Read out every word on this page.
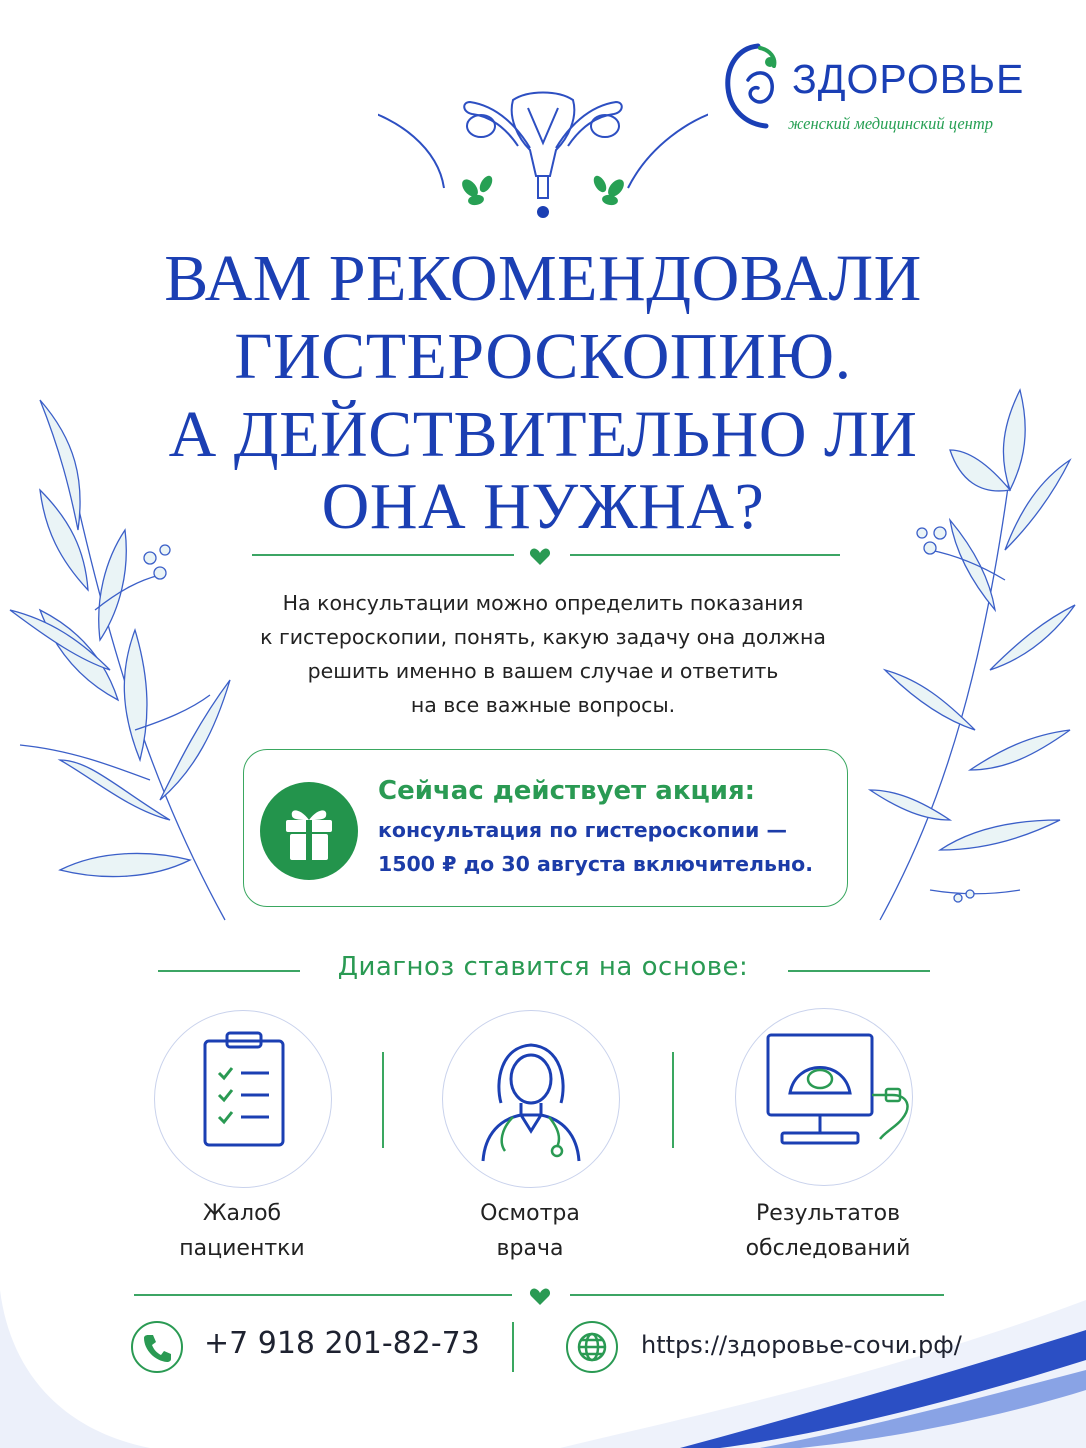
ЗДОРОВЬЕ
женский медицинский центр
ВАМ РЕКОМЕНДОВАЛИ
ГИСТЕРОСКОПИЮ.
А ДЕЙСТВИТЕЛЬНО ЛИ
ОНА НУЖНА?
На консультации можно определить показания
к гистероскопии, понять, какую задачу она должна
решить именно в вашем случае и ответить
на все важные вопросы.
Сейчас действует акция:
консультация по гистероскопии —
1500 ₽ до 30 августа включительно.
Диагноз ставится на основе:
Жалоб
пациентки
Осмотра
врача
Результатов
обследований
+7 918 201-82-73	https://здоровье-сочи.рф/
